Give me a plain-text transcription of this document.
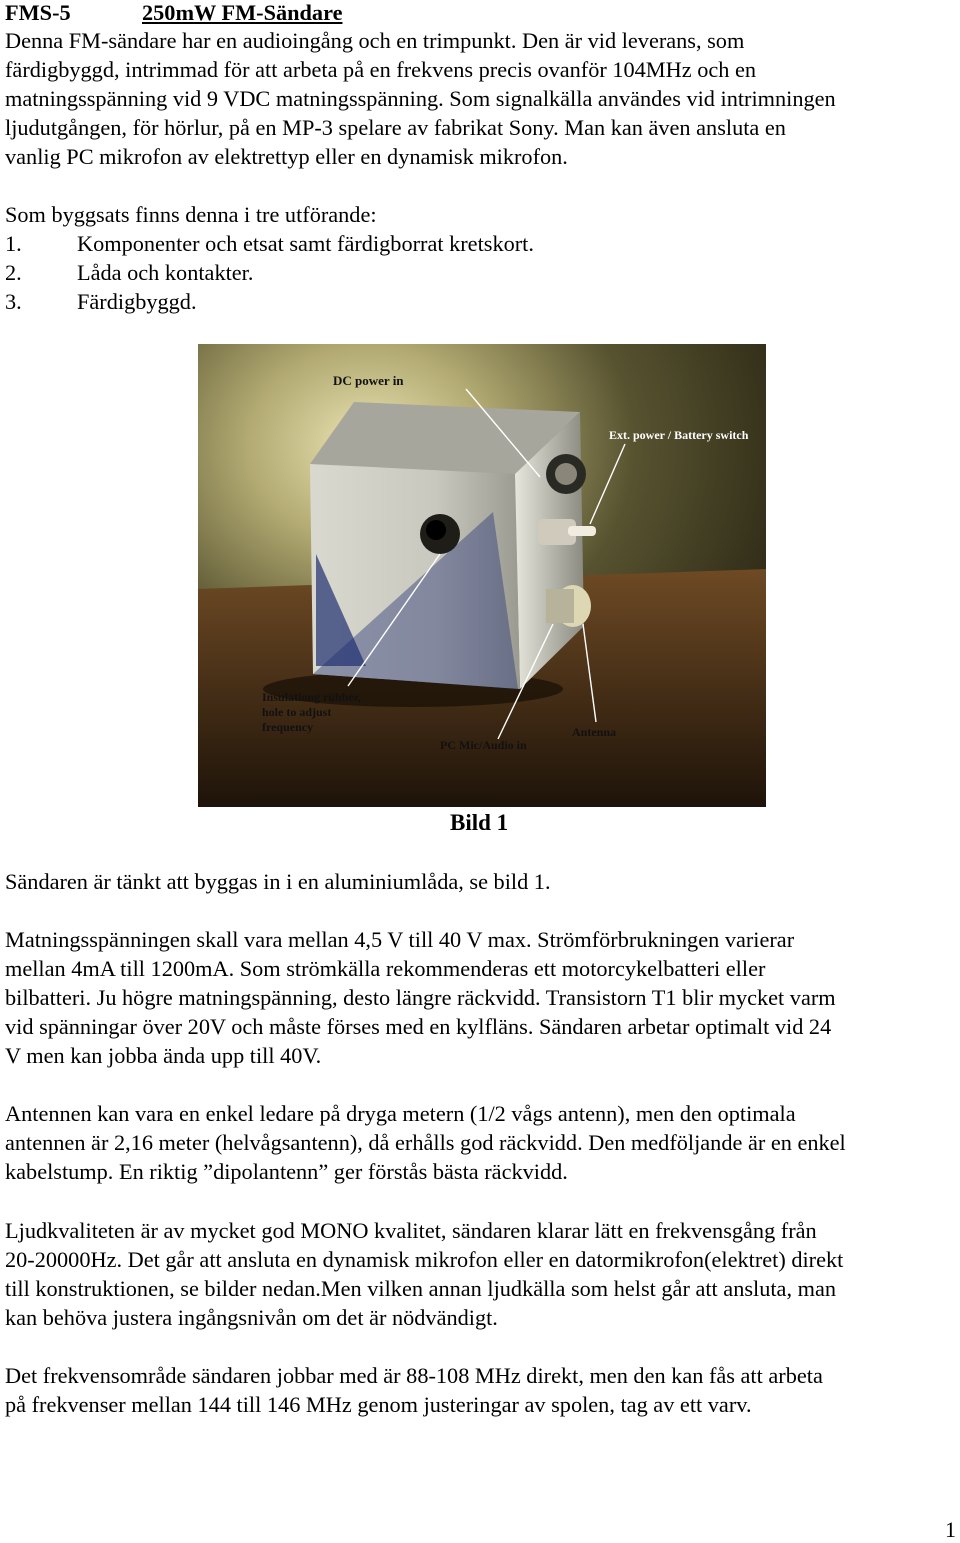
FMS-5	250mW FM-Sändare
Denna FM-sändare har en audioingång och en trimpunkt. Den är vid leverans, som
färdigbyggd, intrimmad för att arbeta på en frekvens precis ovanför 104MHz och en
matningsspänning vid 9 VDC matningsspänning. Som signalkälla användes vid intrimningen
ljudutgången, för hörlur, på en MP-3 spelare av fabrikat Sony. Man kan även ansluta en
vanlig PC mikrofon av elektrettyp eller en dynamisk mikrofon.
Som byggsats finns denna i tre utförande:
1. Komponenter och etsat samt färdigborrat kretskort.
2. Låda och kontakter.
3. Färdigbyggd.
DC power in
Ext. power / Battery switch
Insulationg rubber,
hole to adjust
frequency
PC Mic/Audio in
Antenna
Bild 1
Sändaren är tänkt att byggas in i en aluminiumlåda, se bild 1.
Matningsspänningen skall vara mellan 4,5 V till 40 V max. Strömförbrukningen varierar
mellan 4mA till 1200mA. Som strömkälla rekommenderas ett motorcykelbatteri eller
bilbatteri. Ju högre matningspänning, desto längre räckvidd. Transistorn T1 blir mycket varm
vid spänningar över 20V och måste förses med en kylfläns. Sändaren arbetar optimalt vid 24
V men kan jobba ända upp till 40V.
Antennen kan vara en enkel ledare på dryga metern (1/2 vågs antenn), men den optimala
antennen är 2,16 meter (helvågsantenn), då erhålls god räckvidd. Den medföljande är en enkel
kabelstump. En riktig ”dipolantenn” ger förstås bästa räckvidd.
Ljudkvaliteten är av mycket god MONO kvalitet, sändaren klarar lätt en frekvensgång från
20-20000Hz. Det går att ansluta en dynamisk mikrofon eller en datormikrofon(elektret) direkt
till konstruktionen, se bilder nedan.Men vilken annan ljudkälla som helst går att ansluta, man
kan behöva justera ingångsnivån om det är nödvändigt.
Det frekvensområde sändaren jobbar med är 88-108 MHz direkt, men den kan fås att arbeta
på frekvenser mellan 144 till 146 MHz genom justeringar av spolen, tag av ett varv.
1
